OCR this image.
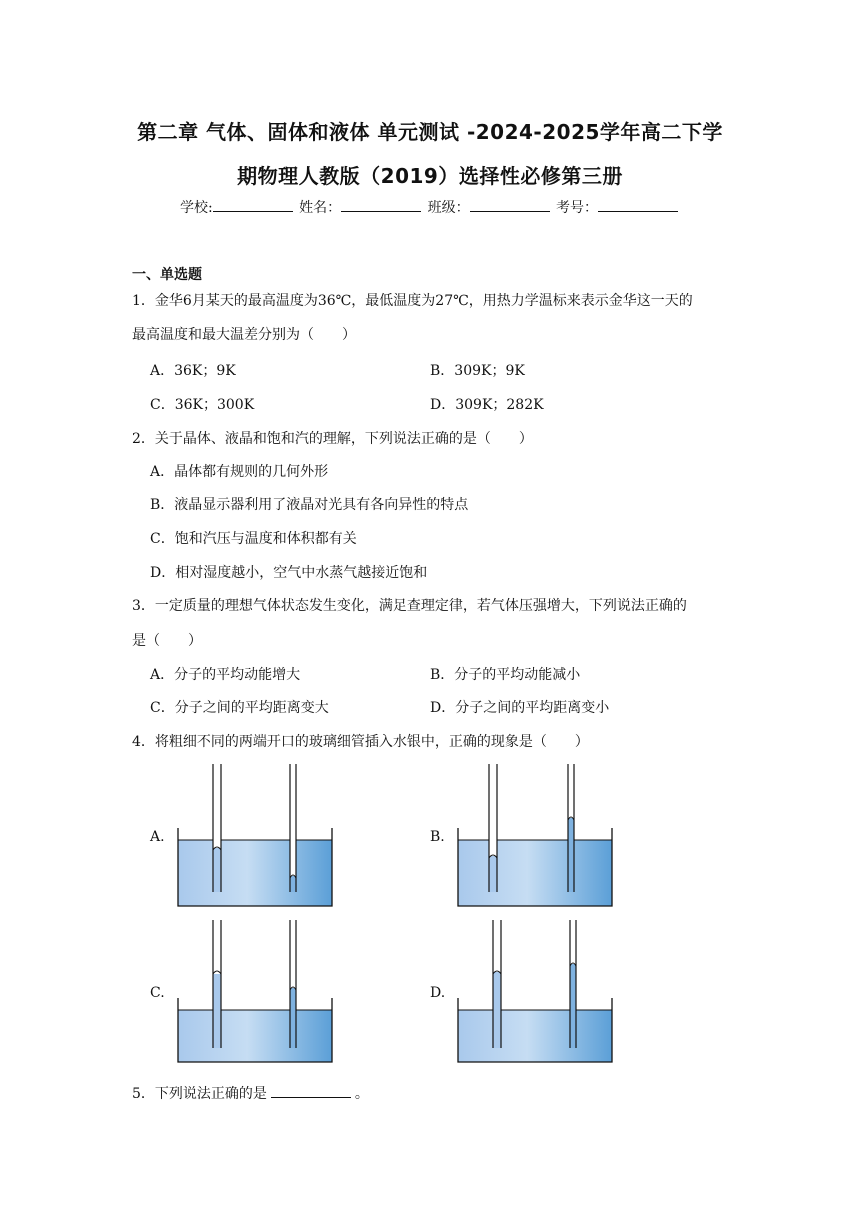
第二章 气体、固体和液体 单元测试 -2024-2025学年高二下学
期物理人教版（2019）选择性必修第三册
学校:	姓名：	班级：	考号：
一、单选题
1．金华6月某天的最高温度为36℃，最低温度为27℃，用热力学温标来表示金华这一天的
最高温度和最大温差分别为（　　）
A．36K；9K	B．309K；9K
C．36K；300K	D．309K；282K
2．关于晶体、液晶和饱和汽的理解，下列说法正确的是（　　）
A．晶体都有规则的几何外形
B．液晶显示器利用了液晶对光具有各向异性的特点
C．饱和汽压与温度和体积都有关
D．相对湿度越小，空气中水蒸气越接近饱和
3．一定质量的理想气体状态发生变化，满足查理定律，若气体压强增大，下列说法正确的
是（　　）
A．分子的平均动能增大	B．分子的平均动能减小
C．分子之间的平均距离变大	D．分子之间的平均距离变小
4．将粗细不同的两端开口的玻璃细管插入水银中，正确的现象是（　　）
A.	B.
C.	D.
5．下列说法正确的是	。
